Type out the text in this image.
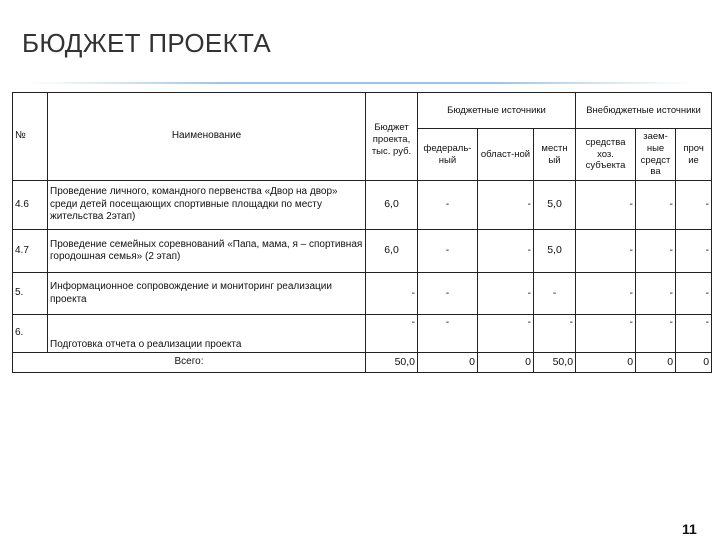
БЮДЖЕТ ПРОЕКТА
№	Наименование	Бюджет проекта, тыс. руб.	Бюджетные источники			Внебюджетные источники		
			федераль-ный	област-ной	местн ый	средства хоз. субъекта	заем-ные средст ва	проч ие
4.6	Проведение личного, командного первенства «Двор на двор» среди детей посещающих спортивные площадки по месту жительства 2этап)	6,0	-	-	5,0	-	-	-
4.7	Проведение семейных соревнований «Папа, мама, я – спортивная городошная семья» (2 этап)	6,0	-	-	5,0	-	-	-
5.	Информационное сопровождение и мониторинг реализации проекта	-	-	-	-	-	-	-
6.	Подготовка отчета о реализации проекта	-	-	-	-	-	-	-
Всего:		50,0	0	0	50,0	0	0	0
11
